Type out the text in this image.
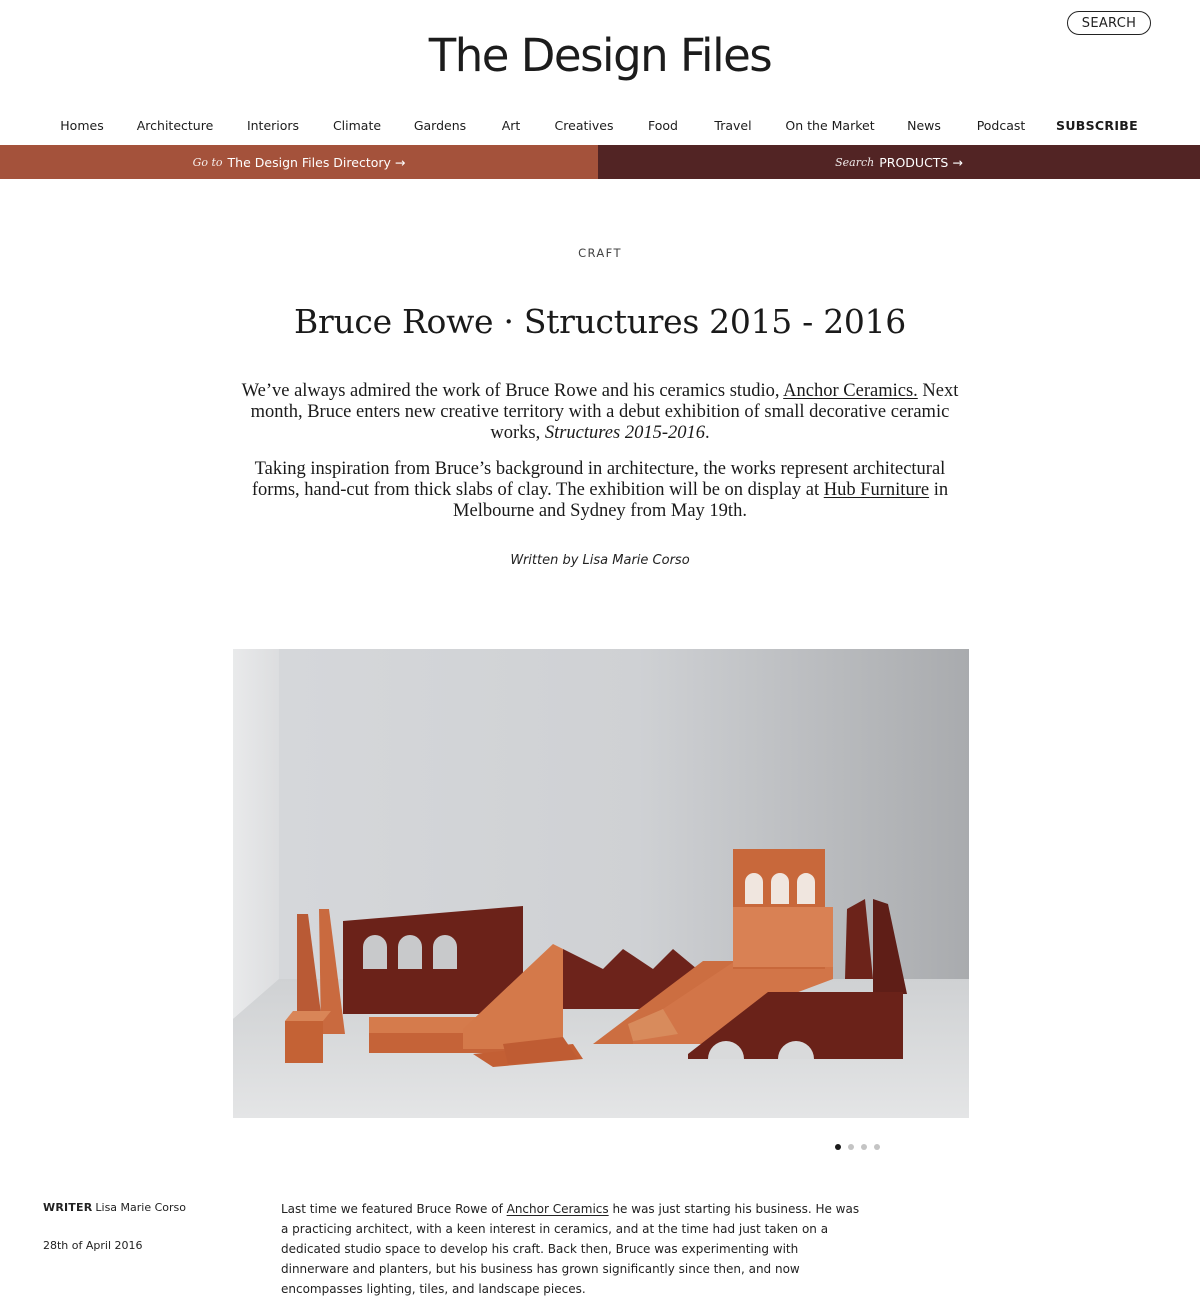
SEARCH
The Design Files
Homes	Architecture	Interiors	Climate	Gardens	Art	Creatives	Food	Travel	On the Market	News	Podcast SUBSCRIBE
Go to The Design Files Directory →	Search PRODUCTS →
CRAFT
Bruce Rowe · Structures 2015 - 2016

We’ve always admired the work of Bruce Rowe and his ceramics studio, Anchor Ceramics. Next month, Bruce enters new creative territory with a debut exhibition of small decorative ceramic works, Structures 2015-2016.

Taking inspiration from Bruce’s background in architecture, the works represent architectural forms, hand-cut from thick slabs of clay. The exhibition will be on display at Hub Furniture in Melbourne and Sydney from May 19th.

Written by Lisa Marie Corso
WRITER Lisa Marie Corso
28th of April 2016

Last time we featured Bruce Rowe of Anchor Ceramics he was just starting his business. He was a practicing architect, with a keen interest in ceramics, and at the time had just taken on a dedicated studio space to develop his craft. Back then, Bruce was experimenting with dinnerware and planters, but his business has grown significantly since then, and now encompasses lighting, tiles, and landscape pieces.
